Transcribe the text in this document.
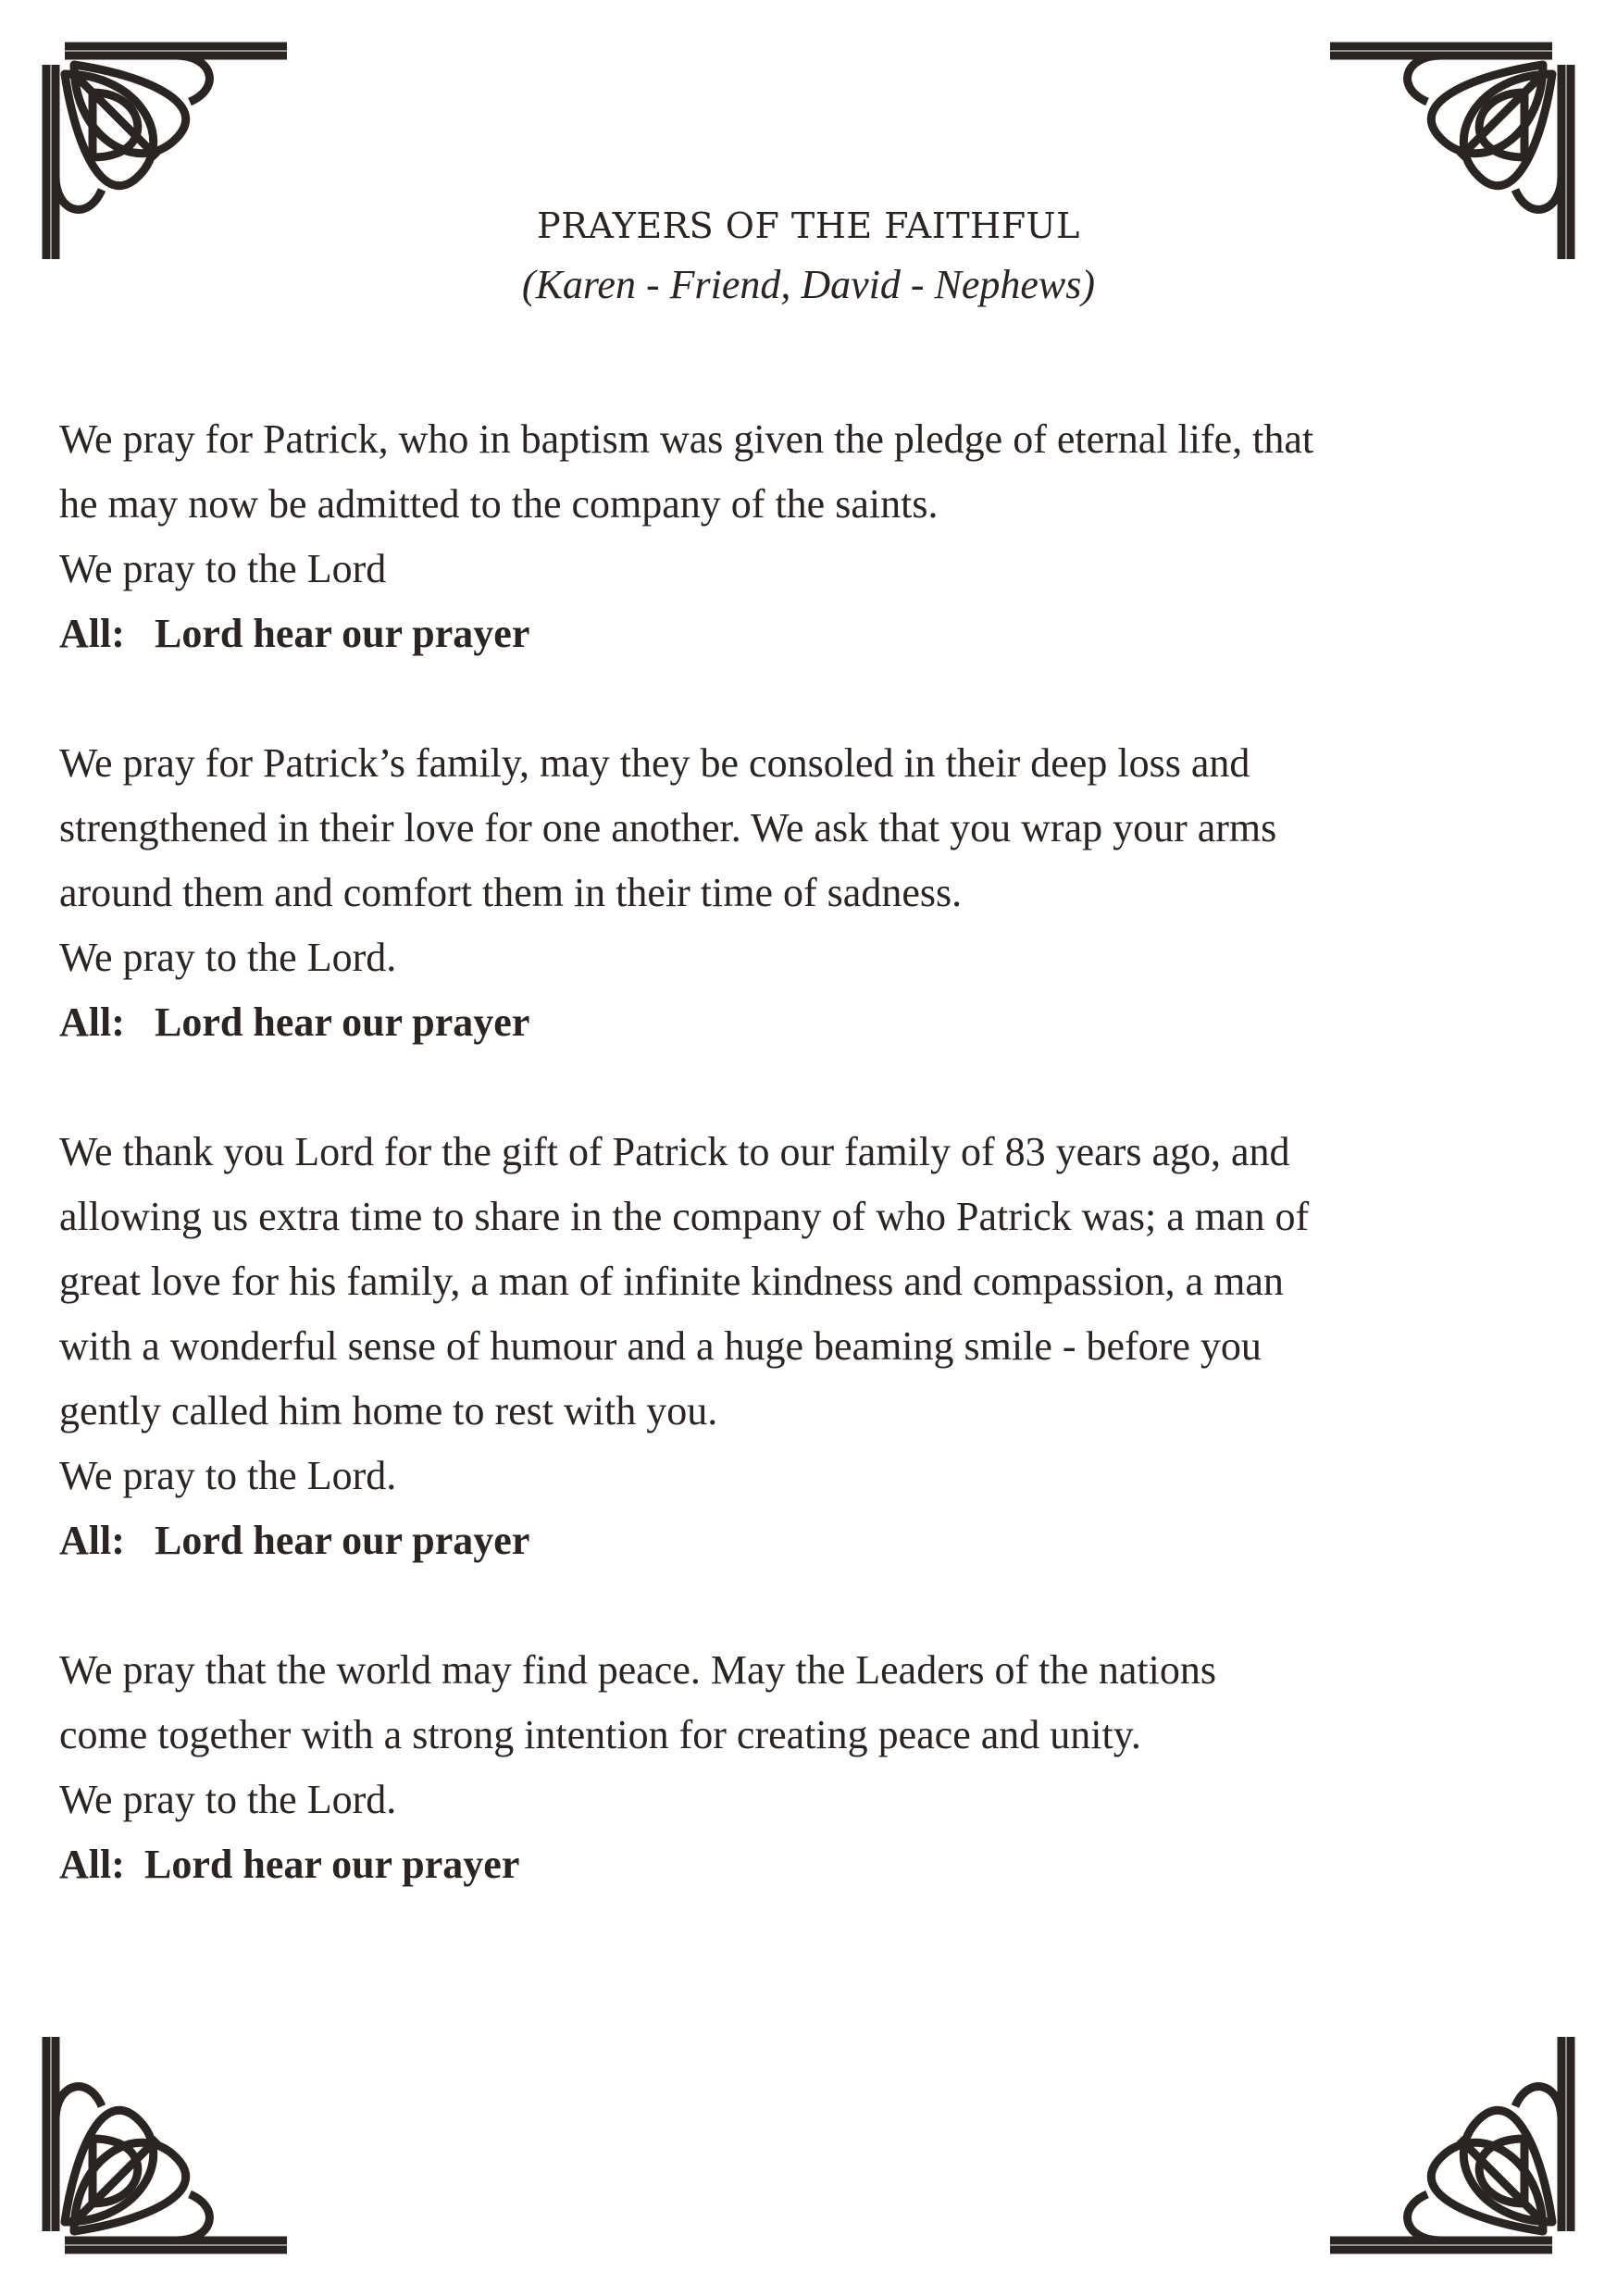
PRAYERS OF THE FAITHFUL
(Karen - Friend, David - Nephews)
We pray for Patrick, who in baptism was given the pledge of eternal life, that
he may now be admitted to the company of the saints.
We pray to the Lord
All: Lord hear our prayer
We pray for Patrick’s family, may they be consoled in their deep loss and
strengthened in their love for one another. We ask that you wrap your arms
around them and comfort them in their time of sadness.
We pray to the Lord.
All: Lord hear our prayer
We thank you Lord for the gift of Patrick to our family of 83 years ago, and
allowing us extra time to share in the company of who Patrick was; a man of
great love for his family, a man of infinite kindness and compassion, a man
with a wonderful sense of humour and a huge beaming smile - before you
gently called him home to rest with you.
We pray to the Lord.
All: Lord hear our prayer
We pray that the world may find peace. May the Leaders of the nations
come together with a strong intention for creating peace and unity.
We pray to the Lord.
All: Lord hear our prayer
